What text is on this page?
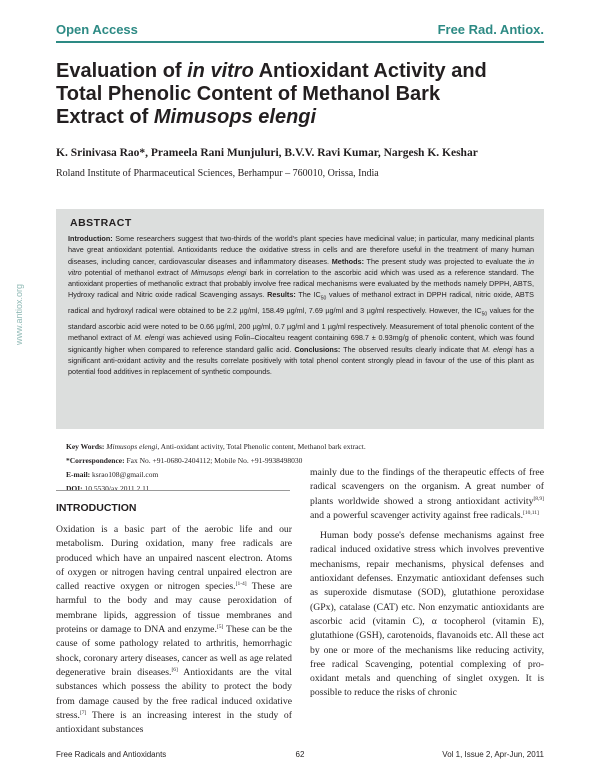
Open Access	Free Rad. Antiox.
Evaluation of in vitro Antioxidant Activity and Total Phenolic Content of Methanol Bark Extract of Mimusops elengi
K. Srinivasa Rao*, Prameela Rani Munjuluri, B.V.V. Ravi Kumar, Nargesh K. Keshar
Roland Institute of Pharmaceutical Sciences, Berhampur – 760010, Orissa, India
www.antiox.org
ABSTRACT
Introduction: Some researchers suggest that two-thirds of the world's plant species have medicinal value; in particular, many medicinal plants have great antioxidant potential. Antioxidants reduce the oxidative stress in cells and are therefore useful in the treatment of many human diseases, including cancer, cardiovascular diseases and inflammatory diseases. Methods: The present study was projected to evaluate the in vitro potential of methanol extract of Mimusops elengi bark in correlation to the ascorbic acid which was used as a reference standard. The antioxidant properties of methanolic extract that probably involve free radical mechanisms were evaluated by the methods namely DPPH, ABTS, Hydroxy radical and Nitric oxide radical Scavenging assays. Results: The $IC_{50}$ values of methanol extract in DPPH radical, nitric oxide, ABTS radical and hydroxyl radical were obtained to be 2.2 µg/ml, 158.49 µg/ml, 7.69 µg/ml and 3 µg/ml respectively. However, the $IC_{50}$ values for the standard ascorbic acid were noted to be 0.66 µg/ml, 200 µg/ml, 0.7 µg/ml and 1 µg/ml respectively. Measurement of total phenolic content of the methanol extract of M. elengi was achieved using Folin–Ciocalteu reagent containing 698.7 ± 0.93mg/g of phenolic content, which was found signicantly higher when compared to reference standard gallic acid. Conclusions: The observed results clearly indicate that M. elengi has a significant anti-oxidant activity and the results correlate positively with total phenol content strongly plead in favour of the use of this plant as potential food additives in replacement of synthetic compounds.
Key Words: Mimusops elengi, Anti-oxidant activity, Total Phenolic content, Methanol bark extract.
*Correspondence: Fax No. +91-0680-2404112; Mobile No. +91-9938498030
E-mail: ksrao108@gmail.com
DOI: 10.5530/ax.2011.2.11
INTRODUCTION

Oxidation is a basic part of the aerobic life and our metabolism. During oxidation, many free radicals are produced which have an unpaired nascent electron. Atoms of oxygen or nitrogen having central unpaired electron are called reactive oxygen or nitrogen species.[1-4] These are harmful to the body and may cause peroxidation of membrane lipids, aggression of tissue membranes and proteins or damage to DNA and enzyme.[5] These can be the cause of some pathology related to arthritis, hemorrhagic shock, coronary artery diseases, cancer as well as age related degenerative brain diseases.[6] Antioxidants are the vital substances which possess the ability to protect the body from damage caused by the free radical induced oxidative stress.[7] There is an increasing interest in the study of antioxidant substances

mainly due to the findings of the therapeutic effects of free radical scavengers on the organism. A great number of plants worldwide showed a strong antioxidant activity[8,9] and a powerful scavenger activity against free radicals.[10,11]

Human body posse's defense mechanisms against free radical induced oxidative stress which involves preventive mechanisms, repair mechanisms, physical defenses and antioxidant defenses. Enzymatic antioxidant defenses such as superoxide dismutase (SOD), glutathione peroxidase (GPx), catalase (CAT) etc. Non enzymatic antioxidants are ascorbic acid (vitamin C), α tocopherol (vitamin E), glutathione (GSH), carotenoids, flavanoids etc. All these act by one or more of the mechanisms like reducing activity, free radical Scavenging, potential complexing of pro-oxidant metals and quenching of singlet oxygen. It is possible to reduce the risks of chronic

Free Radicals and Antioxidants	62	Vol 1, Issue 2, Apr-Jun, 2011
